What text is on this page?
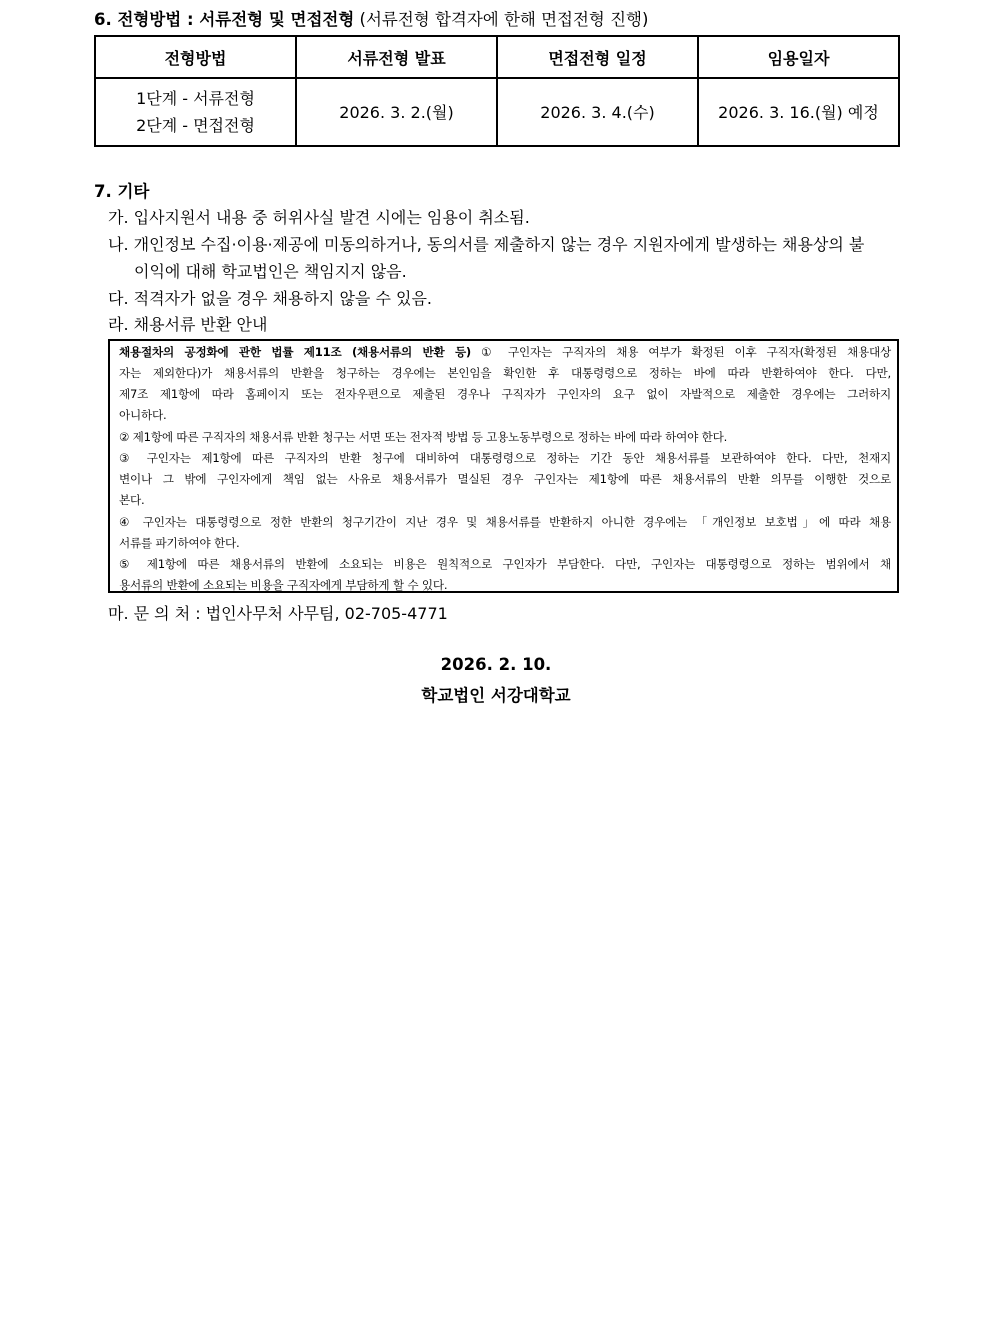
6. 전형방법 : 서류전형 및 면접전형 (서류전형 합격자에 한해 면접전형 진행)
전형방법	서류전형 발표	면접전형 일정	임용일자

1단계 - 서류전형
2단계 - 면접전형	2026. 3. 2.(월)	2026. 3. 4.(수)	2026. 3. 16.(월) 예정
7. 기타
가. 입사지원서 내용 중 허위사실 발견 시에는 임용이 취소됨.
나. 개인정보 수집·이용·제공에 미동의하거나, 동의서를 제출하지 않는 경우 지원자에게 발생하는 채용상의 불
이익에 대해 학교법인은 책임지지 않음.
다. 적격자가 없을 경우 채용하지 않을 수 있음.
라. 채용서류 반환 안내
채용절차의 공정화에 관한 법률 제11조 (채용서류의 반환 등) ① 구인자는 구직자의 채용 여부가 확정된 이후 구직자(확정된 채용대상
자는 제외한다)가 채용서류의 반환을 청구하는 경우에는 본인임을 확인한 후 대통령령으로 정하는 바에 따라 반환하여야 한다. 다만,
제7조 제1항에 따라 홈페이지 또는 전자우편으로 제출된 경우나 구직자가 구인자의 요구 없이 자발적으로 제출한 경우에는 그러하지
아니하다.
② 제1항에 따른 구직자의 채용서류 반환 청구는 서면 또는 전자적 방법 등 고용노동부령으로 정하는 바에 따라 하여야 한다.
③ 구인자는 제1항에 따른 구직자의 반환 청구에 대비하여 대통령령으로 정하는 기간 동안 채용서류를 보관하여야 한다. 다만, 천재지
변이나 그 밖에 구인자에게 책임 없는 사유로 채용서류가 멸실된 경우 구인자는 제1항에 따른 채용서류의 반환 의무를 이행한 것으로
본다.
④ 구인자는 대통령령으로 정한 반환의 청구기간이 지난 경우 및 채용서류를 반환하지 아니한 경우에는 「개인정보 보호법」에 따라 채용
서류를 파기하여야 한다.
⑤ 제1항에 따른 채용서류의 반환에 소요되는 비용은 원칙적으로 구인자가 부담한다. 다만, 구인자는 대통령령으로 정하는 범위에서 채
용서류의 반환에 소요되는 비용을 구직자에게 부담하게 할 수 있다.
마. 문 의 처 : 법인사무처 사무팀, 02-705-4771
2026. 2. 10.
학교법인 서강대학교
